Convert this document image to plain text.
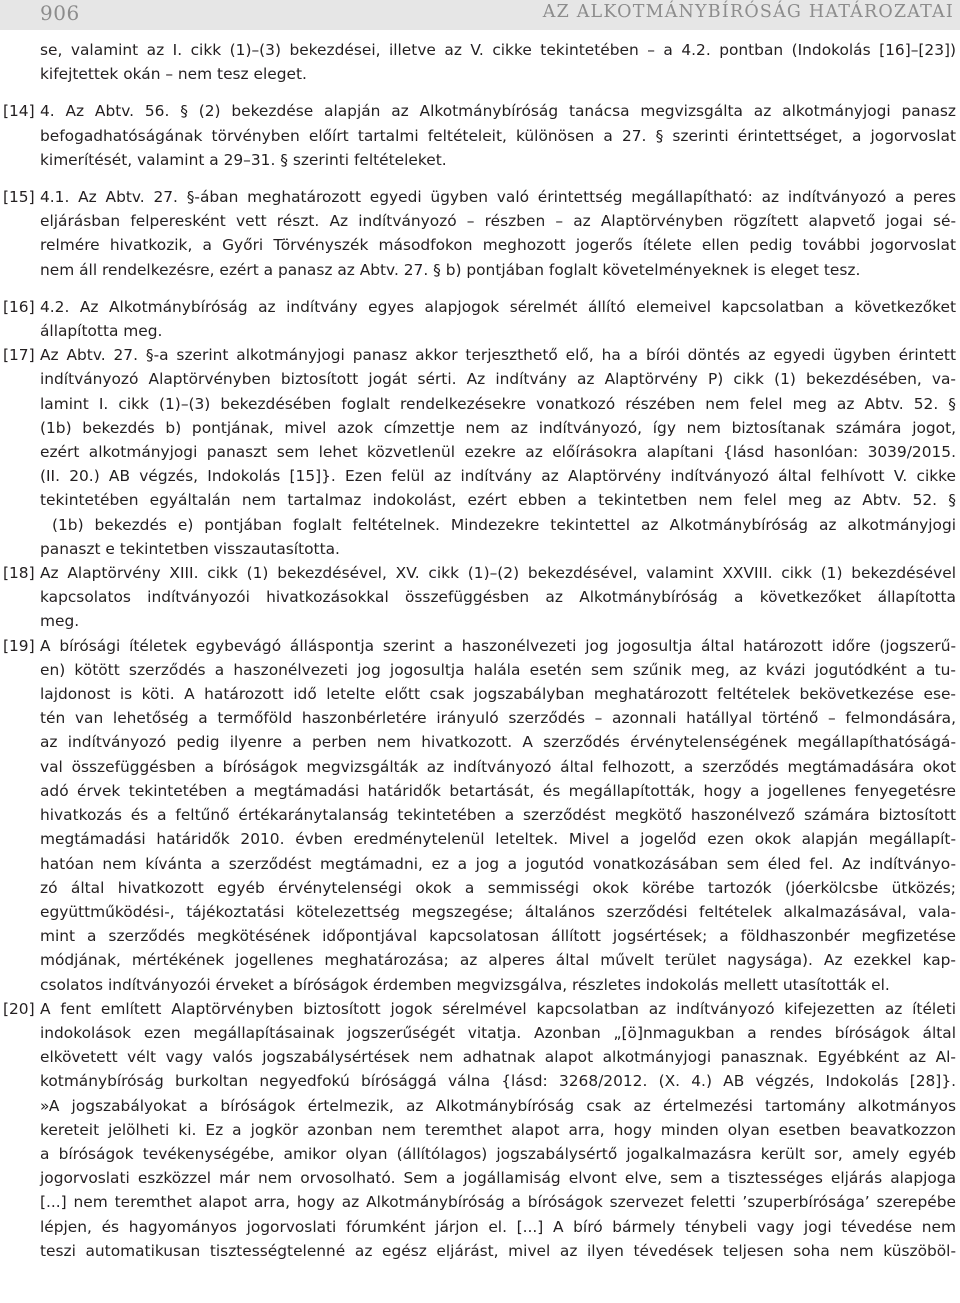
906	AZ ALKOTMÁNYBÍRÓSÁG HATÁROZATAI
se, valamint az I. cikk (1)–(3) bekezdései, illetve az V. cikke tekintetében – a 4.2. pontban (Indokolás [16]–[23])
kifejtettek okán – nem tesz eleget.
[14] 4. Az Abtv. 56. § (2) bekezdése alapján az Alkotmánybíróság tanácsa megvizsgálta az alkotmányjogi panasz
befogadhatóságának törvényben előírt tartalmi feltételeit, különösen a 27. § szerinti érintettséget, a jogorvoslat
kimerítését, valamint a 29–31. § szerinti feltételeket.
[15] 4.1. Az Abtv. 27. §-ában meghatározott egyedi ügyben való érintettség megállapítható: az indítványozó a peres
eljárásban felperesként vett részt. Az indítványozó – részben – az Alaptörvényben rögzített alapvető jogai sé-
relmére hivatkozik, a Győri Törvényszék másodfokon meghozott jogerős ítélete ellen pedig további jogorvoslat
nem áll rendelkezésre, ezért a panasz az Abtv. 27. § b) pontjában foglalt követelményeknek is eleget tesz.
[16] 4.2. Az Alkotmánybíróság az indítvány egyes alapjogok sérelmét állító elemeivel kapcsolatban a következőket
állapította meg.
[17] Az Abtv. 27. §-a szerint alkotmányjogi panasz akkor terjeszthető elő, ha a bírói döntés az egyedi ügyben érintett
indítványozó Alaptörvényben biztosított jogát sérti. Az indítvány az Alaptörvény P) cikk (1) bekezdésében, va-
lamint I. cikk (1)–(3) bekezdésében foglalt rendelkezésekre vonatkozó részében nem felel meg az Abtv. 52. §
(1b) bekezdés b) pontjának, mivel azok címzettje nem az indítványozó, így nem biztosítanak számára jogot,
ezért alkotmányjogi panaszt sem lehet közvetlenül ezekre az előírásokra alapítani {lásd hasonlóan: 3039/2015.
(II. 20.) AB végzés, Indokolás [15]}. Ezen felül az indítvány az Alaptörvény indítványozó által felhívott V. cikke
tekintetében egyáltalán nem tartalmaz indokolást, ezért ebben a tekintetben nem felel meg az Abtv. 52. §
(1b) bekezdés e) pontjában foglalt feltételnek. Mindezekre tekintettel az Alkotmánybíróság az alkotmányjogi
panaszt e tekintetben visszautasította.
[18] Az Alaptörvény XIII. cikk (1) bekezdésével, XV. cikk (1)–(2) bekezdésével, valamint XXVIII. cikk (1) bekezdésével
kapcsolatos indítványozói hivatkozásokkal összefüggésben az Alkotmánybíróság a következőket állapította
meg.
[19] A bírósági ítéletek egybevágó álláspontja szerint a haszonélvezeti jog jogosultja által határozott időre (jogszerű-
en) kötött szerződés a haszonélvezeti jog jogosultja halála esetén sem szűnik meg, az kvázi jogutódként a tu-
lajdonost is köti. A határozott idő letelte előtt csak jogszabályban meghatározott feltételek bekövetkezése ese-
tén van lehetőség a termőföld haszonbérletére irányuló szerződés – azonnali hatállyal történő – felmondására,
az indítványozó pedig ilyenre a perben nem hivatkozott. A szerződés érvénytelenségének megállapíthatóságá-
val összefüggésben a bíróságok megvizsgálták az indítványozó által felhozott, a szerződés megtámadására okot
adó érvek tekintetében a megtámadási határidők betartását, és megállapították, hogy a jogellenes fenyegetésre
hivatkozás és a feltűnő értékaránytalanság tekintetében a szerződést megkötő haszonélvező számára biztosított
megtámadási határidők 2010. évben eredménytelenül leteltek. Mivel a jogelőd ezen okok alapján megállapít-
hatóan nem kívánta a szerződést megtámadni, ez a jog a jogutód vonatkozásában sem éled fel. Az indítványo-
zó által hivatkozott egyéb érvénytelenségi okok a semmisségi okok körébe tartozók (jóerkölcsbe ütközés;
együttműködési-, tájékoztatási kötelezettség megszegése; általános szerződési feltételek alkalmazásával, vala-
mint a szerződés megkötésének időpontjával kapcsolatosan állított jogsértések; a földhaszonbér megfizetése
módjának, mértékének jogellenes meghatározása; az alperes által művelt terület nagysága). Az ezekkel kap-
csolatos indítványozói érveket a bíróságok érdemben megvizsgálva, részletes indokolás mellett utasították el.
[20] A fent említett Alaptörvényben biztosított jogok sérelmével kapcsolatban az indítványozó kifejezetten az ítéleti
indokolások ezen megállapításainak jogszerűségét vitatja. Azonban „[ö]nmagukban a rendes bíróságok által
elkövetett vélt vagy valós jogszabálysértések nem adhatnak alapot alkotmányjogi panasznak. Egyébként az Al-
kotmánybíróság burkoltan negyedfokú bírósággá válna {lásd: 3268/2012. (X. 4.) AB végzés, Indokolás [28]}.
»A jogszabályokat a bíróságok értelmezik, az Alkotmánybíróság csak az értelmezési tartomány alkotmányos
kereteit jelölheti ki. Ez a jogkör azonban nem teremthet alapot arra, hogy minden olyan esetben beavatkozzon
a bíróságok tevékenységébe, amikor olyan (állítólagos) jogszabálysértő jogalkalmazásra került sor, amely egyéb
jogorvoslati eszközzel már nem orvosolható. Sem a jogállamiság elvont elve, sem a tisztességes eljárás alapjoga
[...] nem teremthet alapot arra, hogy az Alkotmánybíróság a bíróságok szervezet feletti ’szuperbírósága’ szerepébe
lépjen, és hagyományos jogorvoslati fórumként járjon el. [...] A bíró bármely ténybeli vagy jogi tévedése nem
teszi automatikusan tisztességtelenné az egész eljárást, mivel az ilyen tévedések teljesen soha nem küszöböl-
